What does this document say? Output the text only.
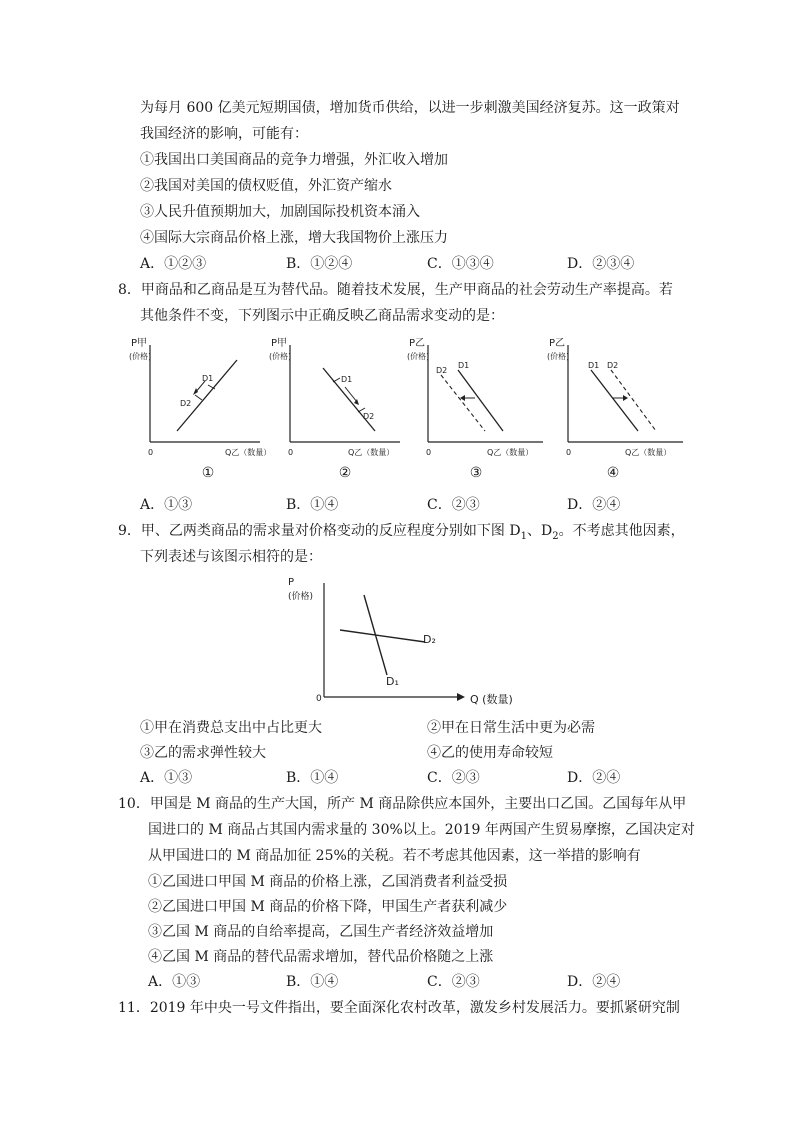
为每月 600 亿美元短期国债，增加货币供给，以进一步刺激美国经济复苏。这一政策对
我国经济的影响，可能有：
①我国出口美国商品的竞争力增强，外汇收入增加
②我国对美国的债权贬值，外汇资产缩水
③人民升值预期加大，加剧国际投机资本涌入
④国际大宗商品价格上涨，增大我国物价上涨压力
A．①②③	B．①②④	C．①③④	D．②③④
8．甲商品和乙商品是互为替代品。随着技术发展，生产甲商品的社会劳动生产率提高。若
其他条件不变，下列图示中正确反映乙商品需求变动的是：
P甲
(价格)
D1
D2
Q乙（数量）
0
①
P甲
(价格)
D1
D2
Q乙（数量）
0
②
P乙
(价格)
D2
D1
Q乙（数量）
0
③
P乙
(价格)
D1 D2
Q乙（数量）
0
④
A．①③	B．①④	C．②③	D．②④
9．甲、乙两类商品的需求量对价格变动的反应程度分别如下图 $D_1$、$D_2$。不考虑其他因素，
下列表述与该图示相符的是：
P
(价格)
D₁
D₂
Q (数量)
0
①甲在消费总支出中占比更大	②甲在日常生活中更为必需
③乙的需求弹性较大	④乙的使用寿命较短
A．①③	B．①④	C．②③	D．②④
10．甲国是 M 商品的生产大国，所产 M 商品除供应本国外，主要出口乙国。乙国每年从甲
国进口的 M 商品占其国内需求量的 30%以上。2019 年两国产生贸易摩擦，乙国决定对
从甲国进口的 M 商品加征 25%的关税。若不考虑其他因素，这一举措的影响有
①乙国进口甲国 M 商品的价格上涨，乙国消费者利益受损
②乙国进口甲国 M 商品的价格下降，甲国生产者获利减少
③乙国 M 商品的自给率提高，乙国生产者经济效益增加
④乙国 M 商品的替代品需求增加，替代品价格随之上涨
A．①③	B．①④	C．②③	D．②④
11．2019 年中央一号文件指出，要全面深化农村改革，激发乡村发展活力。要抓紧研究制
